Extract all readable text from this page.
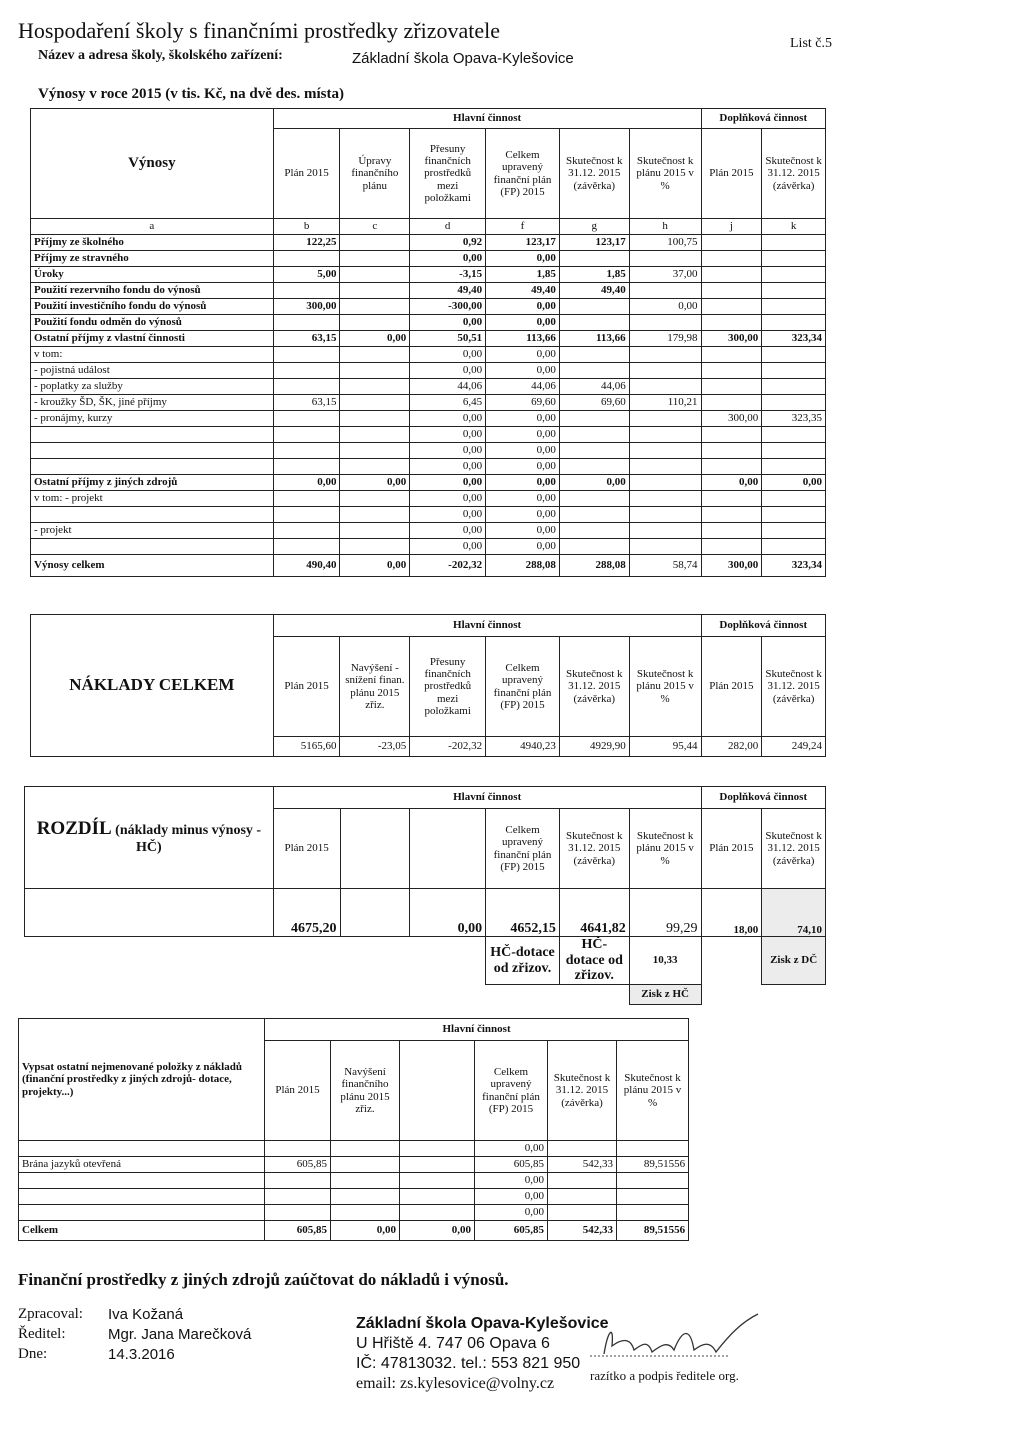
Hospodaření školy s finančními prostředky zřizovatele
List č.5
Název a adresa školy, školského zařízení:	Základní škola Opava-Kylešovice
Výnosy v roce 2015 (v tis. Kč, na dvě des. místa)
Výnosy	Hlavní činnost						Doplňková činnost	
	Plán 2015	Úpravy finančního plánu	Přesuny finančních prostředků mezi položkami	Celkem upravený finanční plán (FP) 2015	Skutečnost k 31.12. 2015 (závěrka)	Skutečnost k plánu 2015 v %	Plán 2015	Skutečnost k 31.12. 2015 (závěrka)
a	b	c	d	f	g	h	j	k
Příjmy ze školného	122,25		0,92	123,17	123,17	100,75		
Příjmy ze stravného			0,00	0,00				
Úroky	5,00		-3,15	1,85	1,85	37,00		
Použití rezervního fondu do výnosů			49,40	49,40	49,40			
Použití investičního fondu do výnosů	300,00		-300,00	0,00		0,00		
Použití fondu odměn do výnosů			0,00	0,00				
Ostatní příjmy z vlastní činnosti	63,15	0,00	50,51	113,66	113,66	179,98	300,00	323,34
v tom:			0,00	0,00				
- pojistná událost			0,00	0,00				
- poplatky za služby			44,06	44,06	44,06			
- kroužky ŠD, ŠK, jiné příjmy	63,15		6,45	69,60	69,60	110,21		
- pronájmy, kurzy			0,00	0,00			300,00	323,35
			0,00	0,00				
			0,00	0,00				
			0,00	0,00				
Ostatní příjmy z jiných zdrojů	0,00	0,00	0,00	0,00	0,00		0,00	0,00
v tom: - projekt			0,00	0,00				
			0,00	0,00				
- projekt			0,00	0,00				
			0,00	0,00				
Výnosy celkem	490,40	0,00	-202,32	288,08	288,08	58,74	300,00	323,34
NÁKLADY CELKEM	Hlavní činnost						Doplňková činnost	
	Plán 2015	Navýšení - snížení finan. plánu 2015 zřiz.	Přesuny finančních prostředků mezi položkami	Celkem upravený finanční plán (FP) 2015	Skutečnost k 31.12. 2015 (závěrka)	Skutečnost k plánu 2015 v %	Plán 2015	Skutečnost k 31.12. 2015 (závěrka)
	5165,60	-23,05	-202,32	4940,23	4929,90	95,44	282,00	249,24
ROZDÍL (náklady minus výnosy - HČ)	Hlavní činnost						Doplňková činnost	
	Plán 2015			Celkem upravený finanční plán (FP) 2015	Skutečnost k 31.12. 2015 (závěrka)	Skutečnost k plánu 2015 v %	Plán 2015	Skutečnost k 31.12. 2015 (závěrka)
	4675,20		0,00	4652,15	4641,82	99,29	18,00	74,10
				HČ-dotace od zřizov.	HČ-dotace od zřizov.	10,33		Zisk z DČ
						Zisk z HČ		
Vypsat ostatní nejmenované položky z nákladů (finanční prostředky z jiných zdrojů- dotace, projekty...)	Hlavní činnost					
	Plán 2015	Navýšení finančního plánu 2015 zřiz.		Celkem upravený finanční plán (FP) 2015	Skutečnost k 31.12. 2015 (závěrka)	Skutečnost k plánu 2015 v %
				0,00		
Brána jazyků otevřená	605,85			605,85	542,33	89,51556
				0,00		
				0,00		
				0,00		
Celkem	605,85	0,00	0,00	605,85	542,33	89,51556
Finanční prostředky z jiných zdrojů zaúčtovat do nákladů i výnosů.
Zpracoval: Iva Kožaná
Ředitel:	Mgr. Jana Marečková
Dne:	14.3.2016
Základní škola Opava-Kylešovice
U Hřiště 4. 747 06 Opava 6
IČ: 47813032. tel.: 553 821 950
email: zs.kylesovice@volny.cz	razítko a podpis ředitele org.
